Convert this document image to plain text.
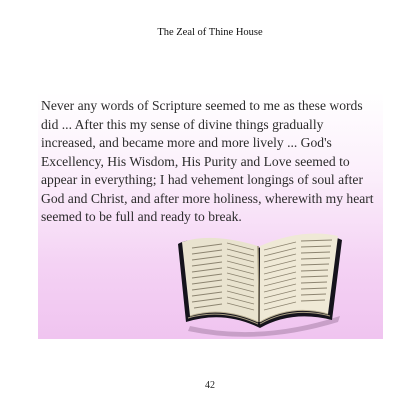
The Zeal of Thine House

Never any words of Scripture seemed to me as these words did ... After this my sense of divine things gradually increased, and became more and more lively ... God's Excellency, His Wisdom, His Purity and Love seemed to appear in everything; I had vehement longings of soul after God and Christ, and after more holiness, wherewith my heart seemed to be full and ready to break.

42
